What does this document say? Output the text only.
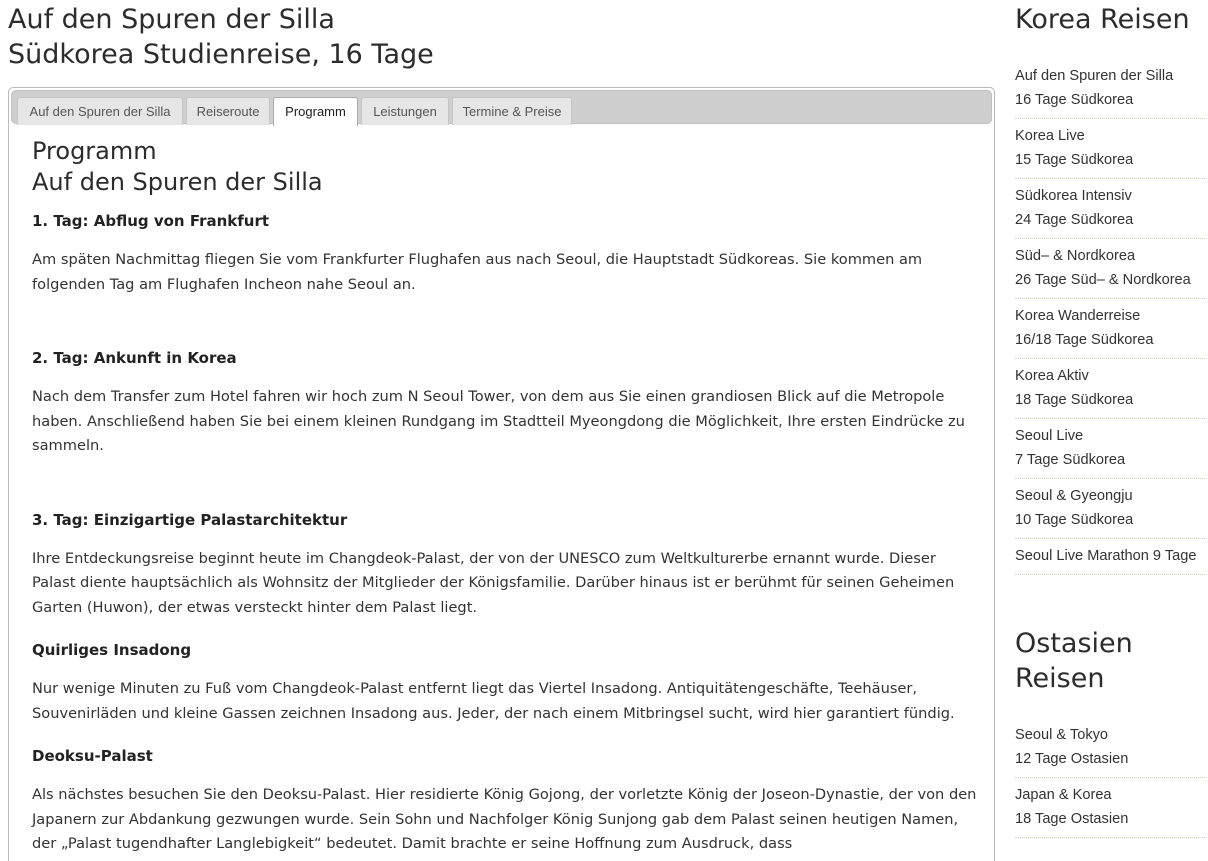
Auf den Spuren der Silla
Südkorea Studienreise, 16 Tage
Auf den Spuren der Silla	Reiseroute	Programm	Leistungen	Termine & Preise
Programm
Auf den Spuren der Silla
1. Tag: Abflug von Frankfurt

Am späten Nachmittag fliegen Sie vom Frankfurter Flughafen aus nach Seoul, die Hauptstadt Südkoreas. Sie kommen am folgenden Tag am Flughafen Incheon nahe Seoul an.

2. Tag: Ankunft in Korea

Nach dem Transfer zum Hotel fahren wir hoch zum N Seoul Tower, von dem aus Sie einen grandiosen Blick auf die Metropole haben. Anschließend haben Sie bei einem kleinen Rundgang im Stadtteil Myeongdong die Möglichkeit, Ihre ersten Eindrücke zu sammeln.

3. Tag: Einzigartige Palastarchitektur

Ihre Entdeckungsreise beginnt heute im Changdeok-Palast, der von der UNESCO zum Weltkulturerbe ernannt wurde. Dieser Palast diente hauptsächlich als Wohnsitz der Mitglieder der Königsfamilie. Darüber hinaus ist er berühmt für seinen Geheimen Garten (Huwon), der etwas versteckt hinter dem Palast liegt.

Quirliges Insadong

Nur wenige Minuten zu Fuß vom Changdeok-Palast entfernt liegt das Viertel Insadong. Antiquitätengeschäfte, Teehäuser, Souvenirläden und kleine Gassen zeichnen Insadong aus. Jeder, der nach einem Mitbringsel sucht, wird hier garantiert fündig.

Deoksu-Palast

Als nächstes besuchen Sie den Deoksu-Palast. Hier residierte König Gojong, der vorletzte König der Joseon-Dynastie, der von den Japanern zur Abdankung gezwungen wurde. Sein Sohn und Nachfolger König Sunjong gab dem Palast seinen heutigen Namen, der „Palast tugendhafter Langlebigkeit“ bedeutet. Damit brachte er seine Hoffnung zum Ausdruck, dass

Korea Reisen
Auf den Spuren der Silla
16 Tage Südkorea
Korea Live
15 Tage Südkorea
Südkorea Intensiv
24 Tage Südkorea
Süd– & Nordkorea
26 Tage Süd– & Nordkorea
Korea Wanderreise
16/18 Tage Südkorea
Korea Aktiv
18 Tage Südkorea
Seoul Live
7 Tage Südkorea
Seoul & Gyeongju
10 Tage Südkorea
Seoul Live Marathon 9 Tage
Ostasien
Reisen
Seoul & Tokyo
12 Tage Ostasien
Japan & Korea
18 Tage Ostasien
